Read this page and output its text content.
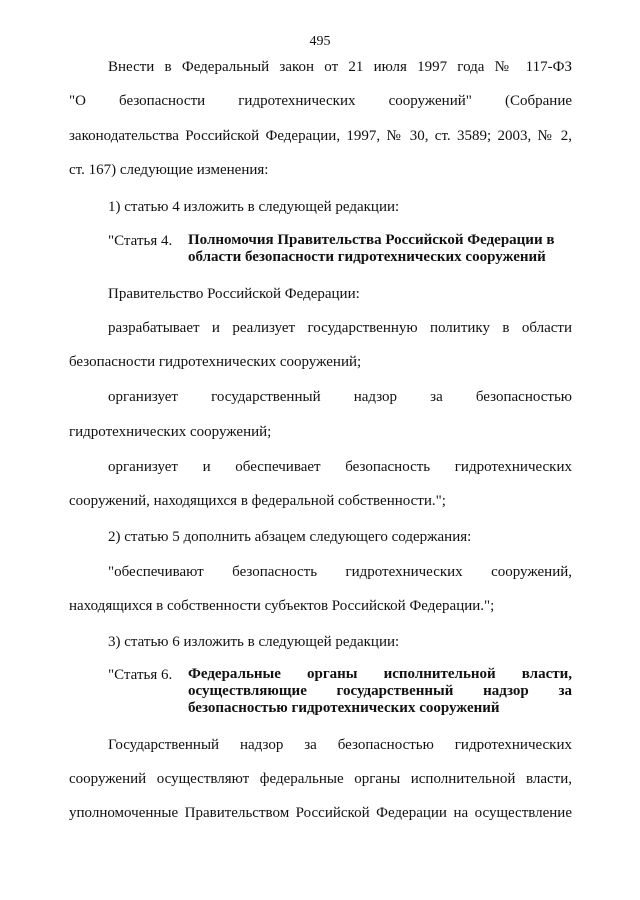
495
Внести в Федеральный закон от 21 июля 1997 года № 117-ФЗ
"О безопасности гидротехнических сооружений" (Собрание
законодательства Российской Федерации, 1997, № 30, ст. 3589; 2003, № 2,
ст. 167) следующие изменения:
1) статью 4 изложить в следующей редакции:
"Статья 4. Полномочия Правительства Российской Федерации в
области безопасности гидротехнических сооружений
Правительство Российской Федерации:
разрабатывает и реализует государственную политику в области
безопасности гидротехнических сооружений;
организует государственный надзор за безопасностью
гидротехнических сооружений;
организует и обеспечивает безопасность гидротехнических
сооружений, находящихся в федеральной собственности.";
2) статью 5 дополнить абзацем следующего содержания:
"обеспечивают безопасность гидротехнических сооружений,
находящихся в собственности субъектов Российской Федерации.";
3) статью 6 изложить в следующей редакции:
"Статья 6. Федеральные органы исполнительной власти,
осуществляющие государственный надзор за
безопасностью гидротехнических сооружений
Государственный надзор за безопасностью гидротехнических
сооружений осуществляют федеральные органы исполнительной власти,
уполномоченные Правительством Российской Федерации на осуществление
